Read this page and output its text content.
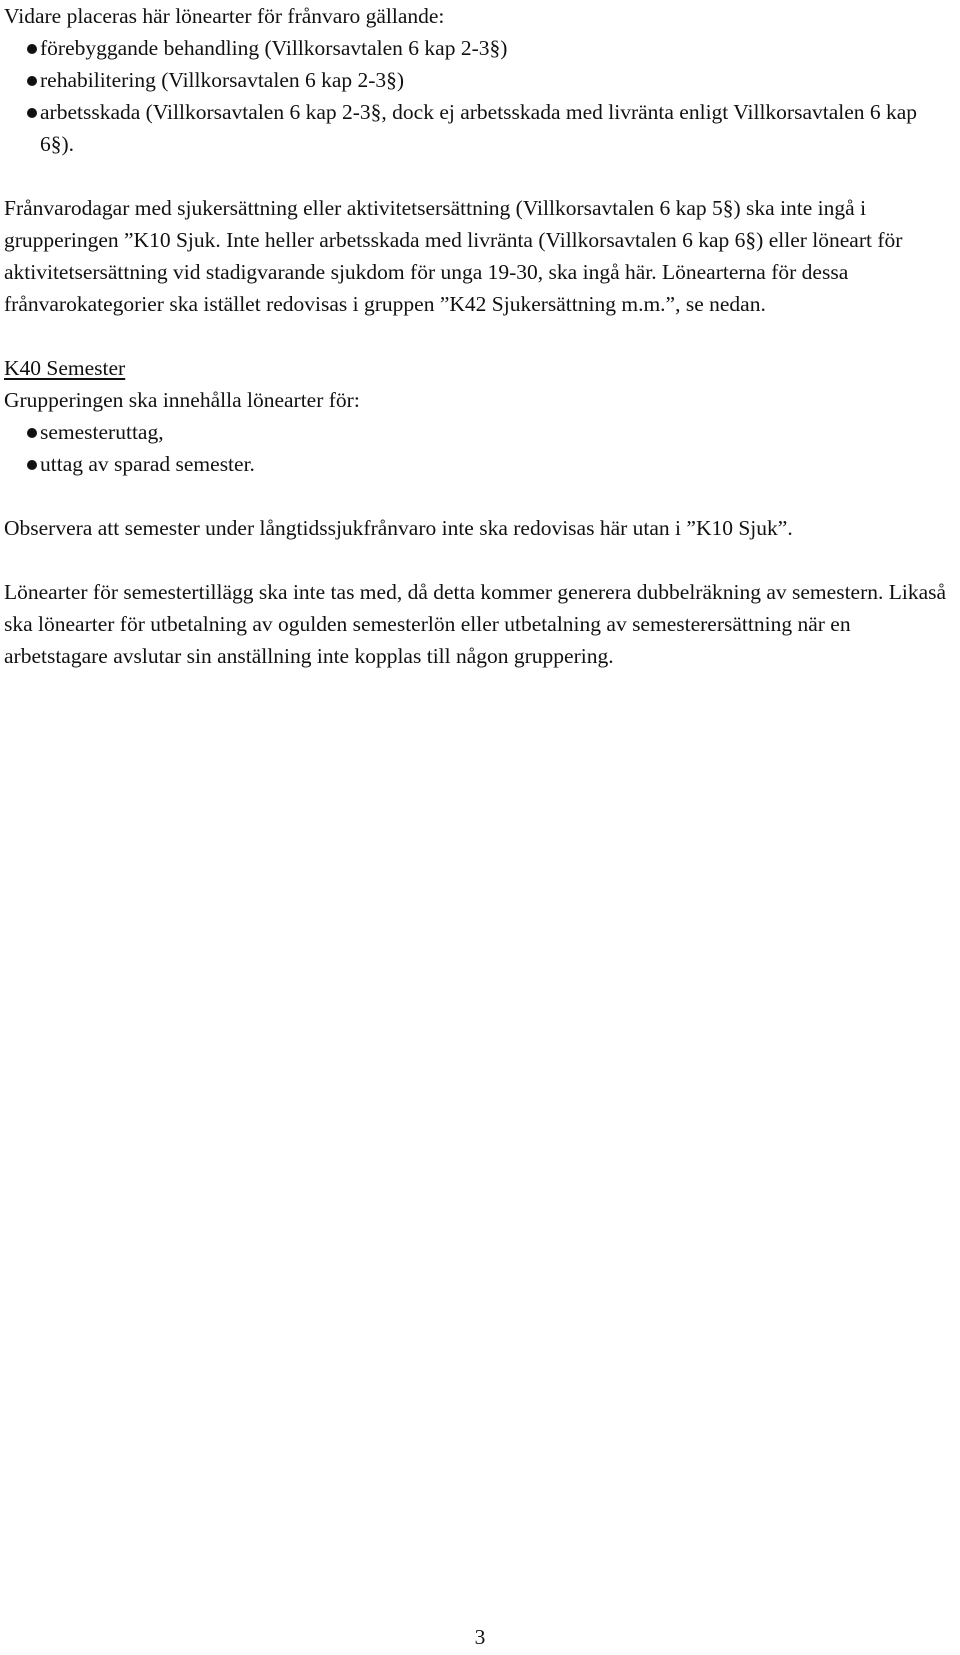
Vidare placeras här lönearter för frånvaro gällande:

förebyggande behandling (Villkorsavtalen 6 kap 2-3§)
rehabilitering (Villkorsavtalen 6 kap 2-3§)
arbetsskada (Villkorsavtalen 6 kap 2-3§, dock ej arbetsskada med livränta enligt Villkorsavtalen 6 kap 6§).

Frånvarodagar med sjukersättning eller aktivitetsersättning (Villkorsavtalen 6 kap 5§) ska inte ingå i grupperingen ”K10 Sjuk. Inte heller arbetsskada med livränta (Villkorsavtalen 6 kap 6§) eller löneart för aktivitetsersättning vid stadigvarande sjukdom för unga 19-30, ska ingå här. Lönearterna för dessa frånvarokategorier ska istället redovisas i gruppen ”K42 Sjukersättning m.m.”, se nedan.

K40 Semester

Grupperingen ska innehålla lönearter för:

semesteruttag,
uttag av sparad semester.

Observera att semester under långtidssjukfrånvaro inte ska redovisas här utan i ”K10 Sjuk”.

Lönearter för semestertillägg ska inte tas med, då detta kommer generera dubbelräkning av semestern. Likaså ska lönearter för utbetalning av ogulden semesterlön eller utbetalning av semesterersättning när en arbetstagare avslutar sin anställning inte kopplas till någon gruppering.

3
